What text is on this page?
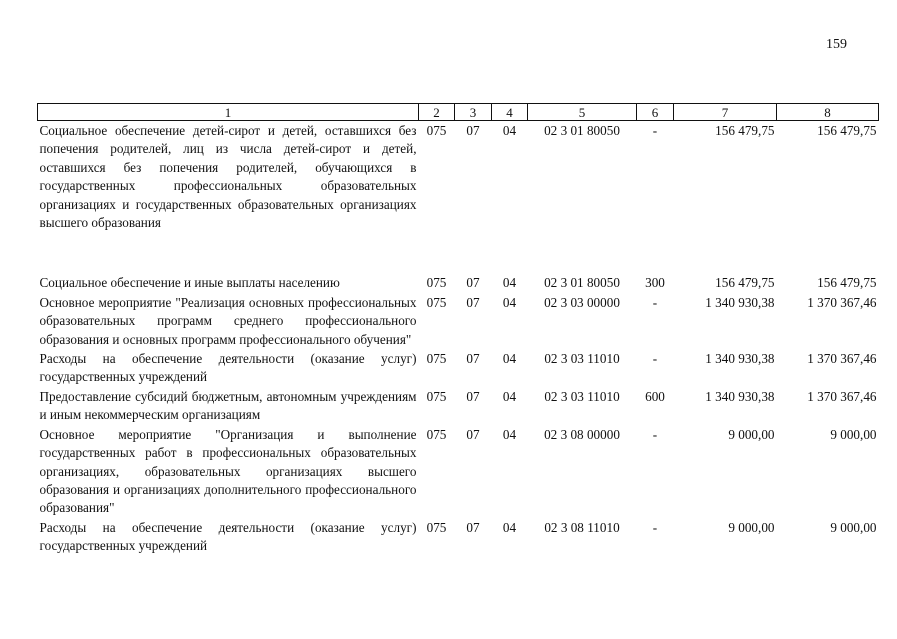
159
1	2	3	4	5	6	7	8
Социальное обеспечение детей-сирот и детей, оставшихся без попечения родителей, лиц из числа детей-сирот и детей, оставшихся без попечения родителей, обучающихся в государственных профессиональных образовательных организациях и государственных образовательных организациях высшего образования	075	07	04	02 3 01 80050	-	156 479,75	156 479,75

Социальное обеспечение и иные выплаты населению	075	07	04	02 3 01 80050	300	156 479,75	156 479,75
Основное мероприятие "Реализация основных профессиональных образовательных программ среднего профессионального образования и основных программ профессионального обучения"	075	07	04	02 3 03 00000	-	1 340 930,38	1 370 367,46
Расходы на обеспечение деятельности (оказание услуг) государственных учреждений	075	07	04	02 3 03 11010	-	1 340 930,38	1 370 367,46
Предоставление субсидий бюджетным, автономным учреждениям и иным некоммерческим организациям	075	07	04	02 3 03 11010	600	1 340 930,38	1 370 367,46
Основное мероприятие "Организация и выполнение государственных работ в профессиональных образовательных организациях, образовательных организациях высшего образования и организациях дополнительного профессионального образования"	075	07	04	02 3 08 00000	-	9 000,00	9 000,00
Расходы на обеспечение деятельности (оказание услуг) государственных учреждений	075	07	04	02 3 08 11010	-	9 000,00	9 000,00
